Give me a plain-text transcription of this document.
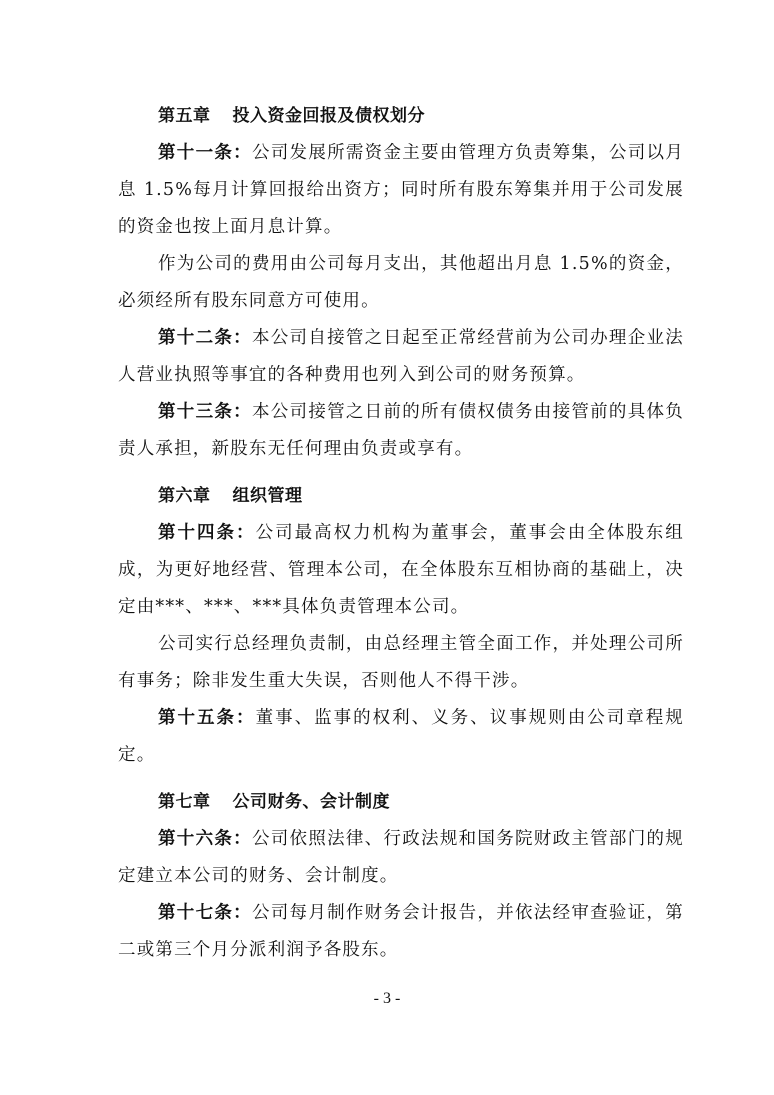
第五章 投入资金回报及债权划分

第十一条：公司发展所需资金主要由管理方负责筹集，公司以月息 1.5%每月计算回报给出资方；同时所有股东筹集并用于公司发展的资金也按上面月息计算。

作为公司的费用由公司每月支出，其他超出月息 1.5%的资金，必须经所有股东同意方可使用。

第十二条：本公司自接管之日起至正常经营前为公司办理企业法人营业执照等事宜的各种费用也列入到公司的财务预算。

第十三条：本公司接管之日前的所有债权债务由接管前的具体负责人承担，新股东无任何理由负责或享有。

第六章 组织管理

第十四条：公司最高权力机构为董事会，董事会由全体股东组成，为更好地经营、管理本公司，在全体股东互相协商的基础上，决定由***、***、***具体负责管理本公司。

公司实行总经理负责制，由总经理主管全面工作，并处理公司所有事务；除非发生重大失误，否则他人不得干涉。

第十五条：董事、监事的权利、义务、议事规则由公司章程规定。

第七章 公司财务、会计制度

第十六条：公司依照法律、行政法规和国务院财政主管部门的规定建立本公司的财务、会计制度。

第十七条：公司每月制作财务会计报告，并依法经审查验证，第二或第三个月分派利润予各股东。

- 3 -
